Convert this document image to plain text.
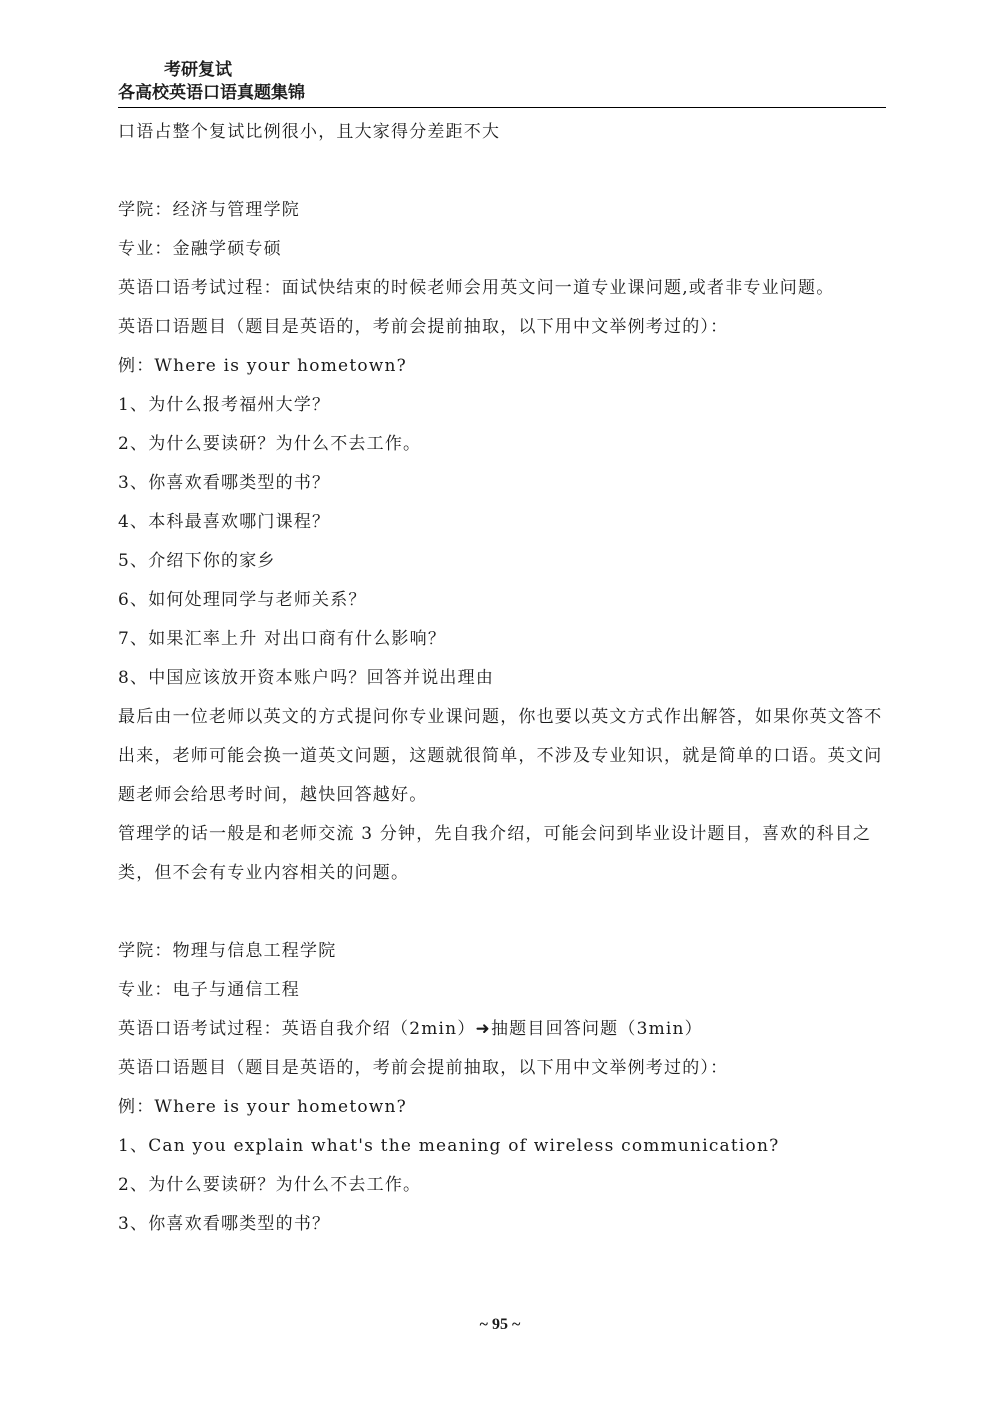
考研复试
各高校英语口语真题集锦

口语占整个复试比例很小，且大家得分差距不大

学院：经济与管理学院

专业：金融学硕专硕

英语口语考试过程：面试快结束的时候老师会用英文问一道专业课问题,或者非专业问题。

英语口语题目（题目是英语的，考前会提前抽取，以下用中文举例考过的）：

例：Where is your hometown?

1、为什么报考福州大学？

2、为什么要读研？为什么不去工作。

3、你喜欢看哪类型的书？

4、本科最喜欢哪门课程？

5、介绍下你的家乡

6、如何处理同学与老师关系？

7、如果汇率上升 对出口商有什么影响？

8、中国应该放开资本账户吗？回答并说出理由

最后由一位老师以英文的方式提问你专业课问题，你也要以英文方式作出解答，如果你英文答不出来，老师可能会换一道英文问题，这题就很简单，不涉及专业知识，就是简单的口语。英文问题老师会给思考时间，越快回答越好。

管理学的话一般是和老师交流 3 分钟，先自我介绍，可能会问到毕业设计题目，喜欢的科目之类，但不会有专业内容相关的问题。

学院：物理与信息工程学院

专业：电子与通信工程

英语口语考试过程：英语自我介绍（2min）➜抽题目回答问题（3min）

英语口语题目（题目是英语的，考前会提前抽取，以下用中文举例考过的）：

例：Where is your hometown?

1、Can you explain what's the meaning of wireless communication?

2、为什么要读研？为什么不去工作。

3、你喜欢看哪类型的书？

~ 95 ~
